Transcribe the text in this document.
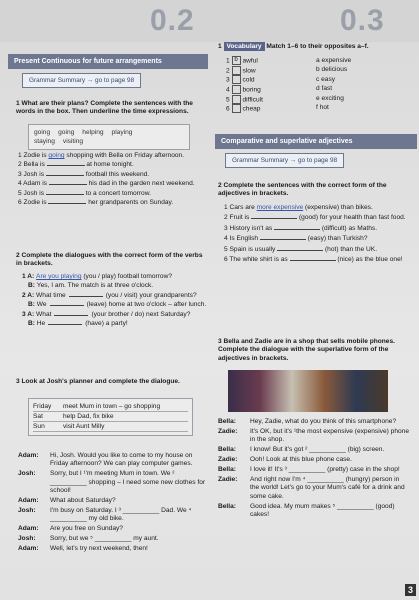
0.2	0.3
Present Continuous for future arrangements
Grammar Summary → go to page 98
1 What are their plans? Complete the sentences with the words in the box. Then underline the time expressions.
going going helping playing
staying visiting
1 Zodie is going shopping with Bella on Friday afternoon.
2 Bella is	at home tonight.
3 Josh is	football this weekend.
4 Adam is	his dad in the garden next weekend.
5 Josh is	to a concert tomorrow.
6 Zodie is	her grandparents on Sunday.
2 Complete the dialogues with the correct form of the verbs in brackets.
1 A: Are you playing (you / play) football tomorrow?
B: Yes, I am. The match is at three o'clock.
2 A: What time	(you / visit) your grandparents?
B: We	(leave) home at two o'clock – after lunch.
3 A: What	(your brother / do) next Saturday?
B: He	(have) a party!
3 Look at Josh's planner and complete the dialogue.
Friday	meet Mum in town – go shopping
Sat	help Dad, fix bike
Sun	visit Aunt Milly
Adam:	Hi, Josh. Would you like to come to my house on Friday afternoon? We can play computer games.
Josh:	Sorry, but I ¹'m meeting Mum in town. We ² __________ shopping – I need some new clothes for school!
Adam:	What about Saturday?
Josh:	I'm busy on Saturday. I ³ __________ Dad. We ⁴ __________ my old bike.
Adam:	Are you free on Sunday?
Josh:	Sorry, but we ⁵ __________ my aunt.
Adam:	Well, let's try next weekend, then!
1 Vocabulary Match 1–6 to their opposites a–f.
1 b awful
2 slow
3 cold
4 boring
5 difficult
6 cheap
a expensive
b delicious
c easy
d fast
e exciting
f hot
Comparative and superlative adjectives
Grammar Summary → go to page 98
2 Complete the sentences with the correct form of the adjectives in brackets.
1 Cars are more expensive (expensive) than bikes.
2 Fruit is	(good) for your health than fast food.
3 History isn't as	(difficult) as Maths.
4 Is English	(easy) than Turkish?
5 Spain is usually	(hot) than the UK.
6 The white shirt is as	(nice) as the blue one!
3 Bella and Zadie are in a shop that sells mobile phones. Complete the dialogue with the superlative form of the adjectives in brackets.
Bella:	Hey, Zadie, what do you think of this smartphone?
Zadie:	It's OK, but it's ¹the most expensive (expensive) phone in the shop.
Bella:	I know! But it's got ² __________ (big) screen.
Zadie:	Ooh! Look at this blue phone case.
Bella:	I love it! It's ³ __________ (pretty) case in the shop!
Zadie:	And right now I'm ⁴ __________ (hungry) person in the world! Let's go to your Mum's café for a drink and some cake.
Bella:	Good idea. My mum makes ⁵ __________ (good) cakes!
3
